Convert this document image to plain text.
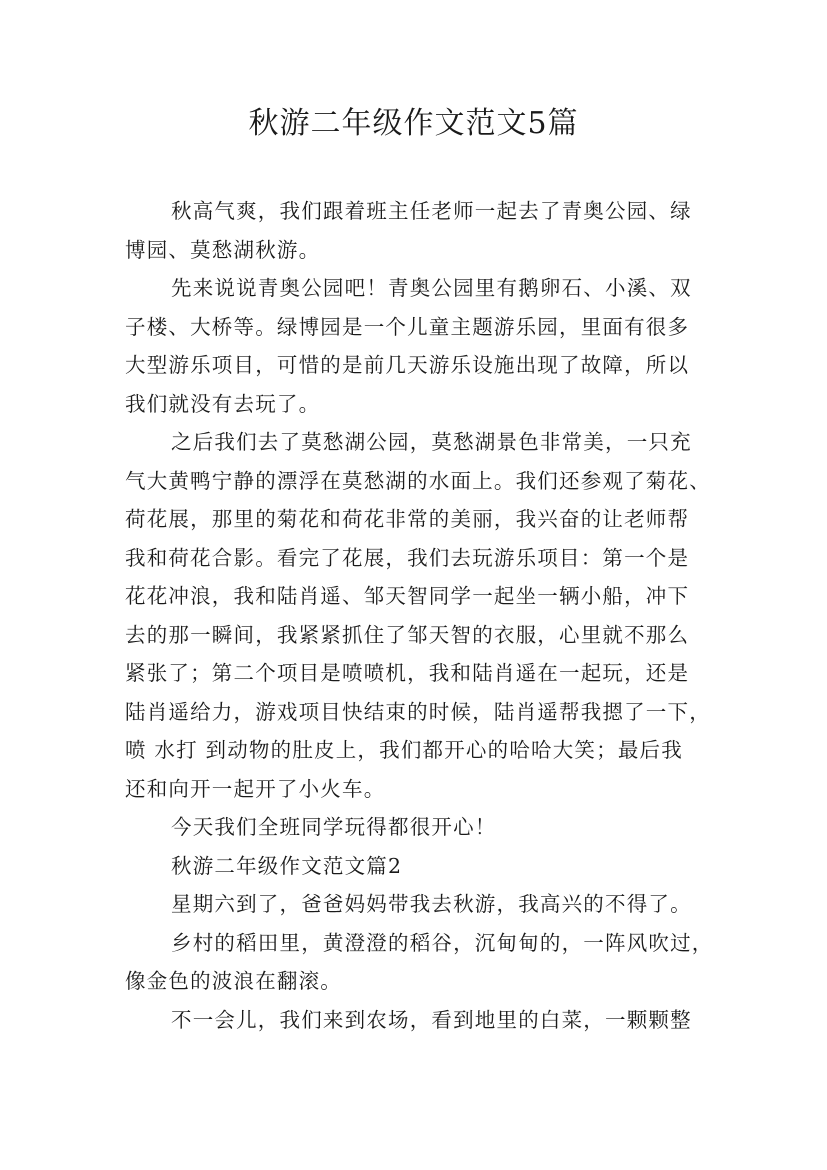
秋游二年级作文范文5篇
秋高气爽，我们跟着班主任老师一起去了青奥公园、绿
博园、莫愁湖秋游。
先来说说青奥公园吧！青奥公园里有鹅卵石、小溪、双
子楼、大桥等。绿博园是一个儿童主题游乐园，里面有很多
大型游乐项目，可惜的是前几天游乐设施出现了故障，所以
我们就没有去玩了。
之后我们去了莫愁湖公园，莫愁湖景色非常美，一只充
气大黄鸭宁静的漂浮在莫愁湖的水面上。我们还参观了菊花、
荷花展，那里的菊花和荷花非常的美丽，我兴奋的让老师帮
我和荷花合影。看完了花展，我们去玩游乐项目：第一个是
花花冲浪，我和陆肖遥、邹天智同学一起坐一辆小船，冲下
去的那一瞬间，我紧紧抓住了邹天智的衣服，心里就不那么
紧张了；第二个项目是喷喷机，我和陆肖遥在一起玩，还是
陆肖遥给力，游戏项目快结束的时候，陆肖遥帮我摁了一下，
喷 水打 到动物的肚皮上，我们都开心的哈哈大笑；最后我
还和向开一起开了小火车。
今天我们全班同学玩得都很开心！
秋游二年级作文范文篇2
星期六到了，爸爸妈妈带我去秋游，我高兴的不得了。
乡村的稻田里，黄澄澄的稻谷，沉甸甸的，一阵风吹过，
像金色的波浪在翻滚。
不一会儿，我们来到农场，看到地里的白菜，一颗颗整
